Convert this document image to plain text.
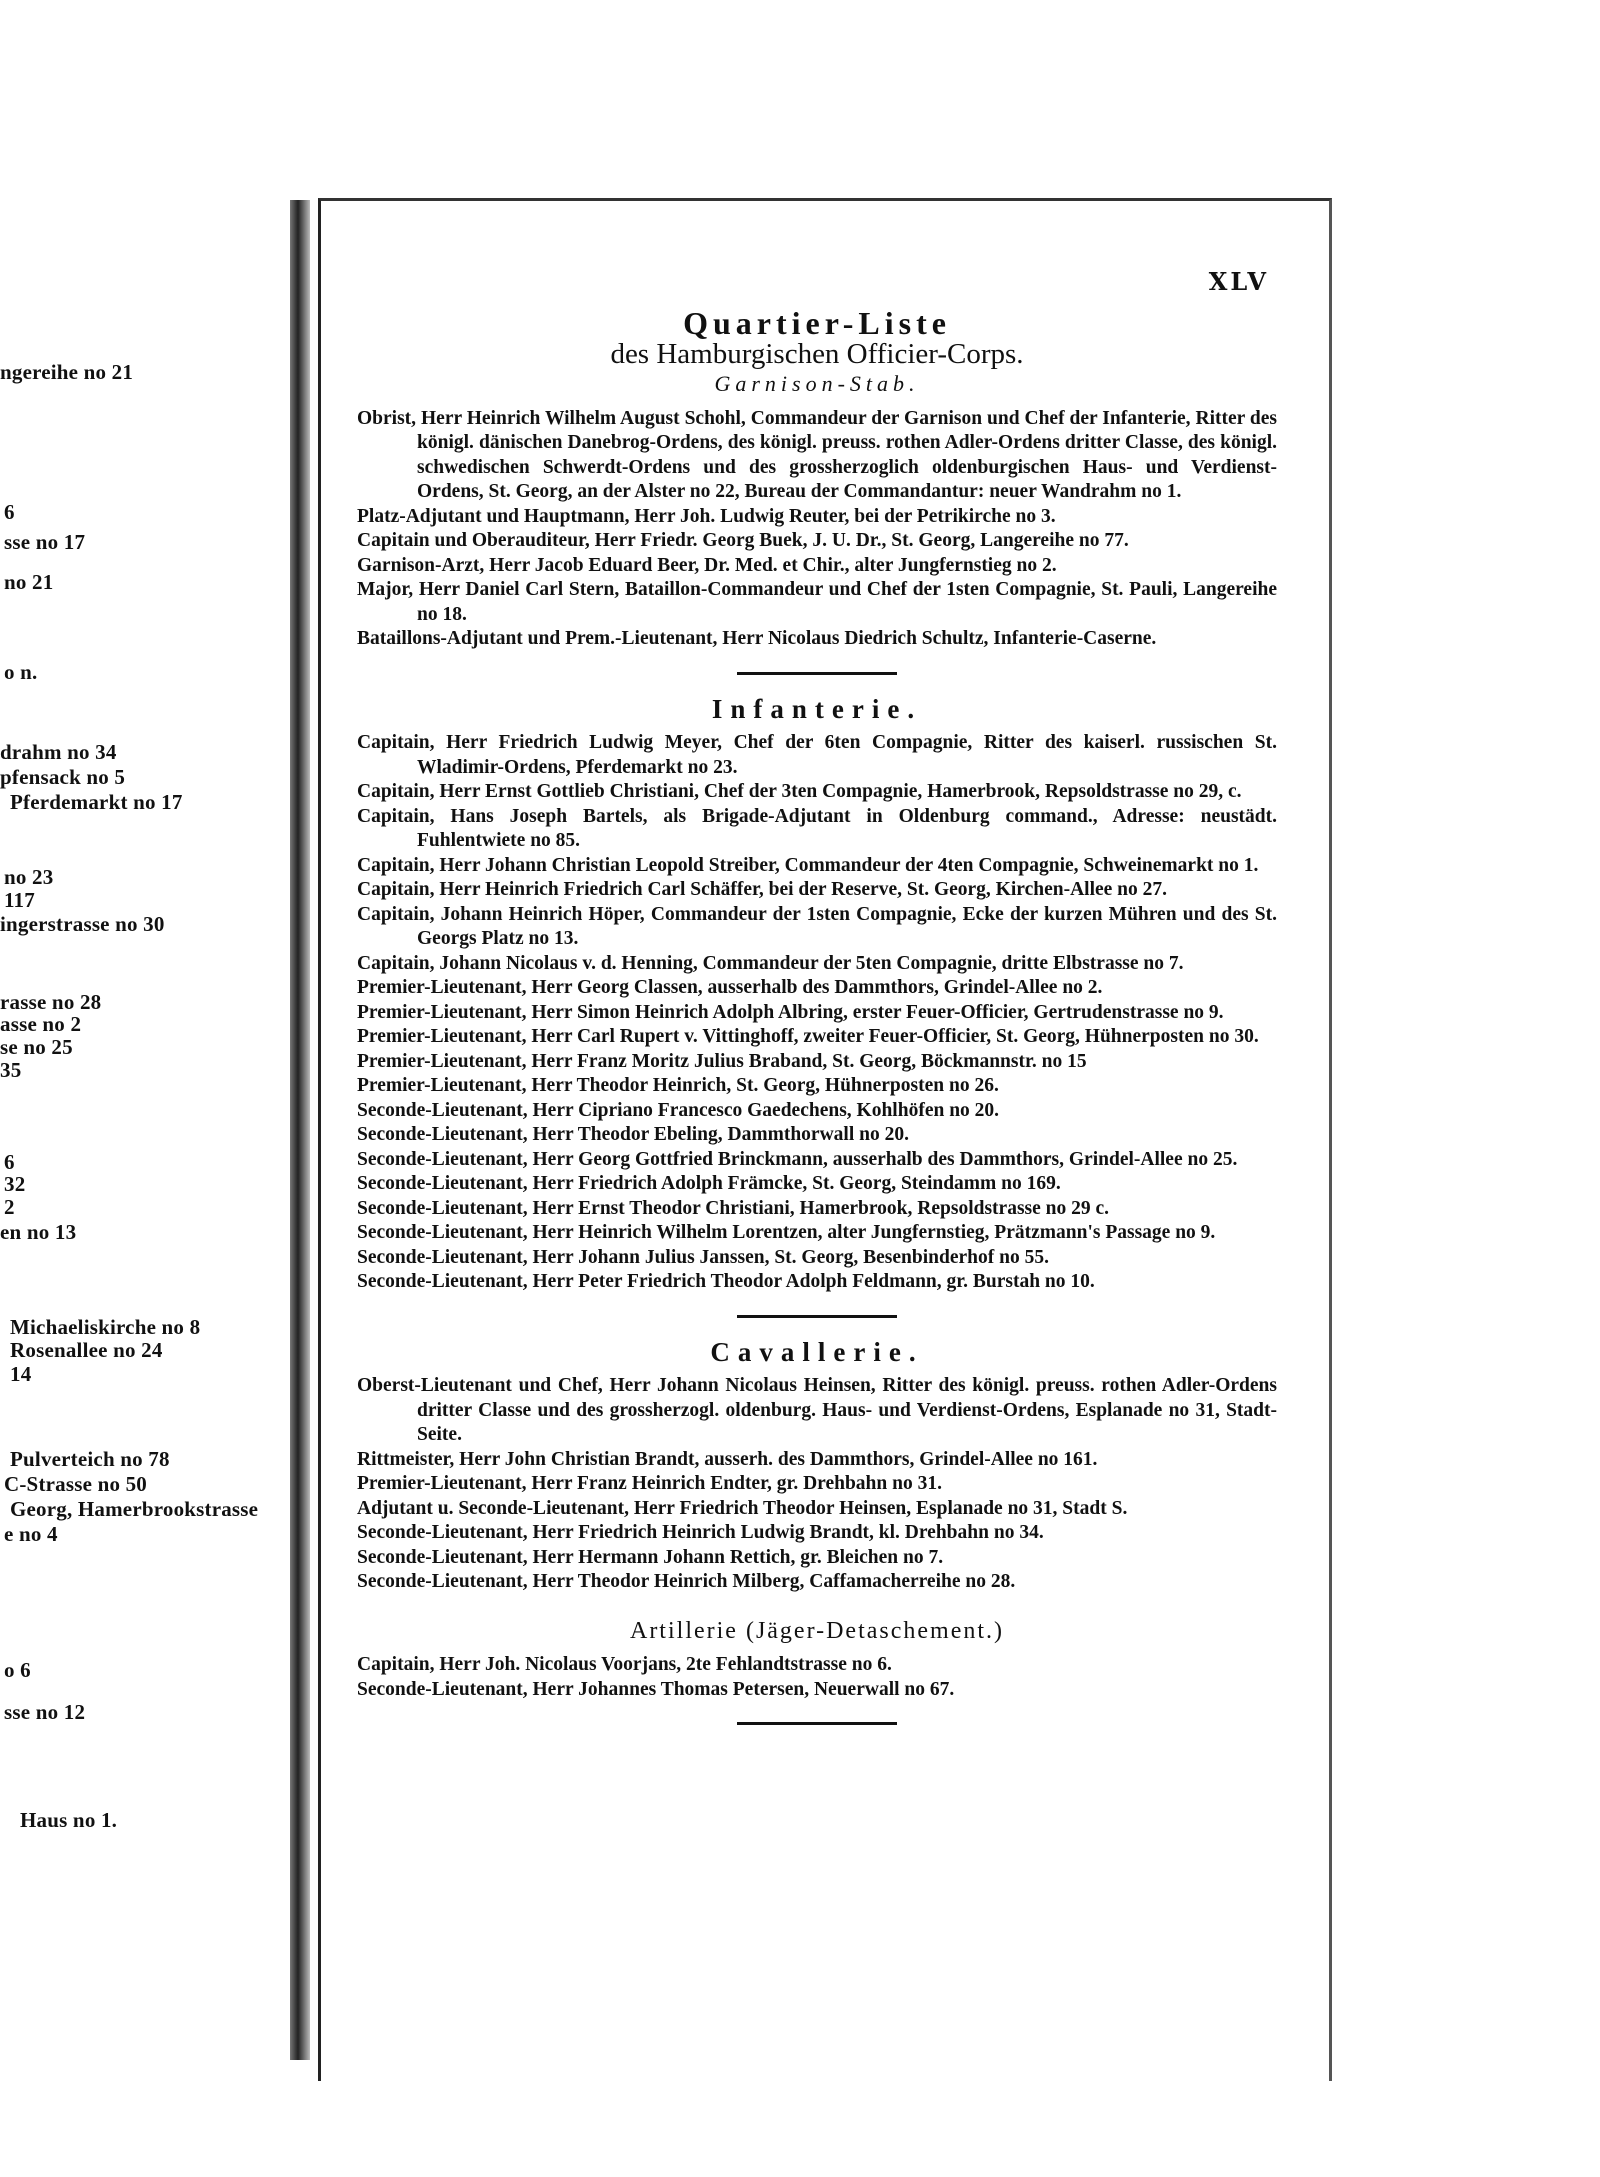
ngereihe no 21
6
sse no 17
no 21
o n.
drahm no 34
pfensack no 5
Pferdemarkt no 17
no 23
117
ingerstrasse no 30
rasse no 28
asse no 2
se no 25
35
6
32
2
en no 13
Michaeliskirche no 8
Rosenallee no 24
14
Pulverteich no 78
C-Strasse no 50
Georg, Hamerbrookstrasse
e no 4
o 6
sse no 12
Haus no 1.
XLV
Quartier-Liste
des Hamburgischen Officier-Corps.
Garnison-Stab.

Obrist, Herr Heinrich Wilhelm August Schohl, Commandeur der Garnison und Chef der Infanterie, Ritter des königl. dänischen Danebrog-Ordens, des königl. preuss. rothen Adler-Ordens dritter Classe, des königl. schwedischen Schwerdt-Ordens und des grossherzoglich oldenburgischen Haus- und Verdienst-Ordens, St. Georg, an der Alster no 22, Bureau der Commandantur: neuer Wandrahm no 1.

Platz-Adjutant und Hauptmann, Herr Joh. Ludwig Reuter, bei der Petrikirche no 3.

Capitain und Oberauditeur, Herr Friedr. Georg Buek, J. U. Dr., St. Georg, Langereihe no 77.

Garnison-Arzt, Herr Jacob Eduard Beer, Dr. Med. et Chir., alter Jungfernstieg no 2.

Major, Herr Daniel Carl Stern, Bataillon-Commandeur und Chef der 1sten Compagnie, St. Pauli, Langereihe no 18.

Bataillons-Adjutant und Prem.-Lieutenant, Herr Nicolaus Diedrich Schultz, Infanterie-Caserne.

Infanterie.

Capitain, Herr Friedrich Ludwig Meyer, Chef der 6ten Compagnie, Ritter des kaiserl. russischen St. Wladimir-Ordens, Pferdemarkt no 23.

Capitain, Herr Ernst Gottlieb Christiani, Chef der 3ten Compagnie, Hamerbrook, Repsoldstrasse no 29, c.

Capitain, Hans Joseph Bartels, als Brigade-Adjutant in Oldenburg command., Adresse: neustädt. Fuhlentwiete no 85.

Capitain, Herr Johann Christian Leopold Streiber, Commandeur der 4ten Compagnie, Schweinemarkt no 1.

Capitain, Herr Heinrich Friedrich Carl Schäffer, bei der Reserve, St. Georg, Kirchen-Allee no 27.

Capitain, Johann Heinrich Höper, Commandeur der 1sten Compagnie, Ecke der kurzen Mühren und des St. Georgs Platz no 13.

Capitain, Johann Nicolaus v. d. Henning, Commandeur der 5ten Compagnie, dritte Elbstrasse no 7.

Premier-Lieutenant, Herr Georg Classen, ausserhalb des Dammthors, Grindel-Allee no 2.

Premier-Lieutenant, Herr Simon Heinrich Adolph Albring, erster Feuer-Officier, Gertrudenstrasse no 9.

Premier-Lieutenant, Herr Carl Rupert v. Vittinghoff, zweiter Feuer-Officier, St. Georg, Hühnerposten no 30.

Premier-Lieutenant, Herr Franz Moritz Julius Braband, St. Georg, Böckmannstr. no 15

Premier-Lieutenant, Herr Theodor Heinrich, St. Georg, Hühnerposten no 26.

Seconde-Lieutenant, Herr Cipriano Francesco Gaedechens, Kohlhöfen no 20.

Seconde-Lieutenant, Herr Theodor Ebeling, Dammthorwall no 20.

Seconde-Lieutenant, Herr Georg Gottfried Brinckmann, ausserhalb des Dammthors, Grindel-Allee no 25.

Seconde-Lieutenant, Herr Friedrich Adolph Främcke, St. Georg, Steindamm no 169.

Seconde-Lieutenant, Herr Ernst Theodor Christiani, Hamerbrook, Repsoldstrasse no 29 c.

Seconde-Lieutenant, Herr Heinrich Wilhelm Lorentzen, alter Jungfernstieg, Prätzmann's Passage no 9.

Seconde-Lieutenant, Herr Johann Julius Janssen, St. Georg, Besenbinderhof no 55.

Seconde-Lieutenant, Herr Peter Friedrich Theodor Adolph Feldmann, gr. Burstah no 10.

Cavallerie.

Oberst-Lieutenant und Chef, Herr Johann Nicolaus Heinsen, Ritter des königl. preuss. rothen Adler-Ordens dritter Classe und des grossherzogl. oldenburg. Haus- und Verdienst-Ordens, Esplanade no 31, Stadt-Seite.

Rittmeister, Herr John Christian Brandt, ausserh. des Dammthors, Grindel-Allee no 161.

Premier-Lieutenant, Herr Franz Heinrich Endter, gr. Drehbahn no 31.

Adjutant u. Seconde-Lieutenant, Herr Friedrich Theodor Heinsen, Esplanade no 31, Stadt S.

Seconde-Lieutenant, Herr Friedrich Heinrich Ludwig Brandt, kl. Drehbahn no 34.

Seconde-Lieutenant, Herr Hermann Johann Rettich, gr. Bleichen no 7.

Seconde-Lieutenant, Herr Theodor Heinrich Milberg, Caffamacherreihe no 28.

Artillerie (Jäger-Detaschement.)

Capitain, Herr Joh. Nicolaus Voorjans, 2te Fehlandtstrasse no 6.

Seconde-Lieutenant, Herr Johannes Thomas Petersen, Neuerwall no 67.
